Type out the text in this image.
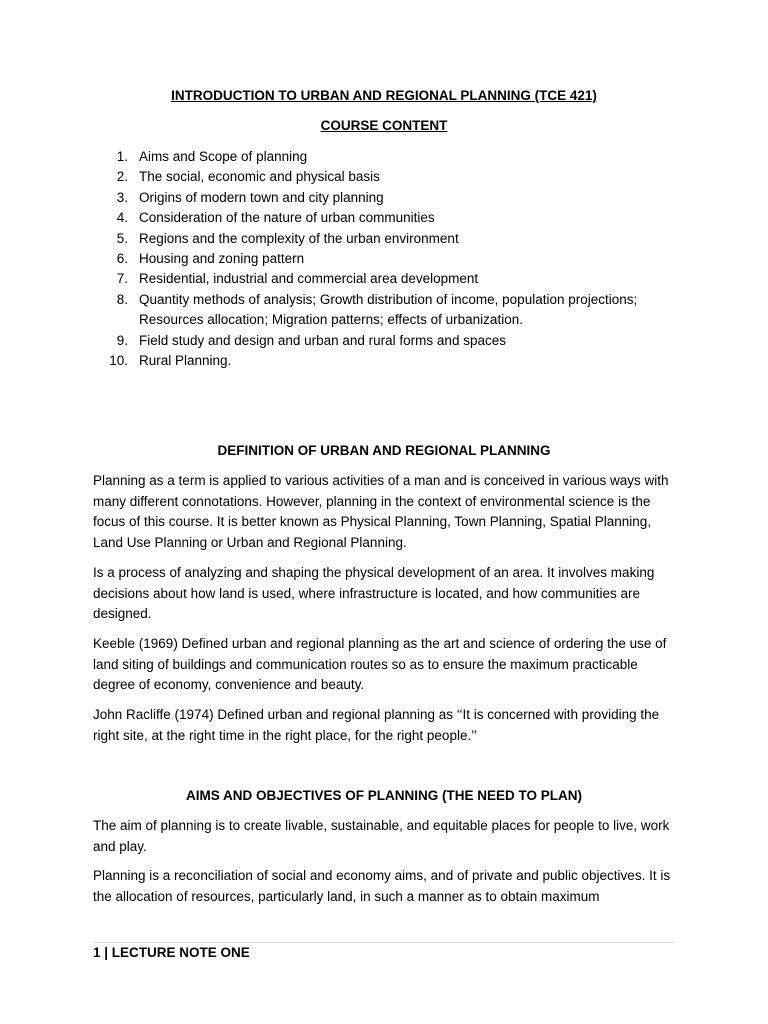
INTRODUCTION TO URBAN AND REGIONAL PLANNING (TCE 421)
COURSE CONTENT
1. Aims and Scope of planning
2. The social, economic and physical basis
3. Origins of modern town and city planning
4. Consideration of the nature of urban communities
5. Regions and the complexity of the urban environment
6. Housing and zoning pattern
7. Residential, industrial and commercial area development
8. Quantity methods of analysis; Growth distribution of income, population projections; Resources allocation; Migration patterns; effects of urbanization.
9. Field study and design and urban and rural forms and spaces
10. Rural Planning.
DEFINITION OF URBAN AND REGIONAL PLANNING

Planning as a term is applied to various activities of a man and is conceived in various ways with many different connotations. However, planning in the context of environmental science is the focus of this course. It is better known as Physical Planning, Town Planning, Spatial Planning, Land Use Planning or Urban and Regional Planning.

Is a process of analyzing and shaping the physical development of an area. It involves making decisions about how land is used, where infrastructure is located, and how communities are designed.

Keeble (1969) Defined urban and regional planning as the art and science of ordering the use of land siting of buildings and communication routes so as to ensure the maximum practicable degree of economy, convenience and beauty.

John Racliffe (1974) Defined urban and regional planning as ‘‘It is concerned with providing the right site, at the right time in the right place, for the right people.’’

AIMS AND OBJECTIVES OF PLANNING (THE NEED TO PLAN)

The aim of planning is to create livable, sustainable, and equitable places for people to live, work and play.

Planning is a reconciliation of social and economy aims, and of private and public objectives. It is the allocation of resources, particularly land, in such a manner as to obtain maximum

1 | LECTURE NOTE ONE
